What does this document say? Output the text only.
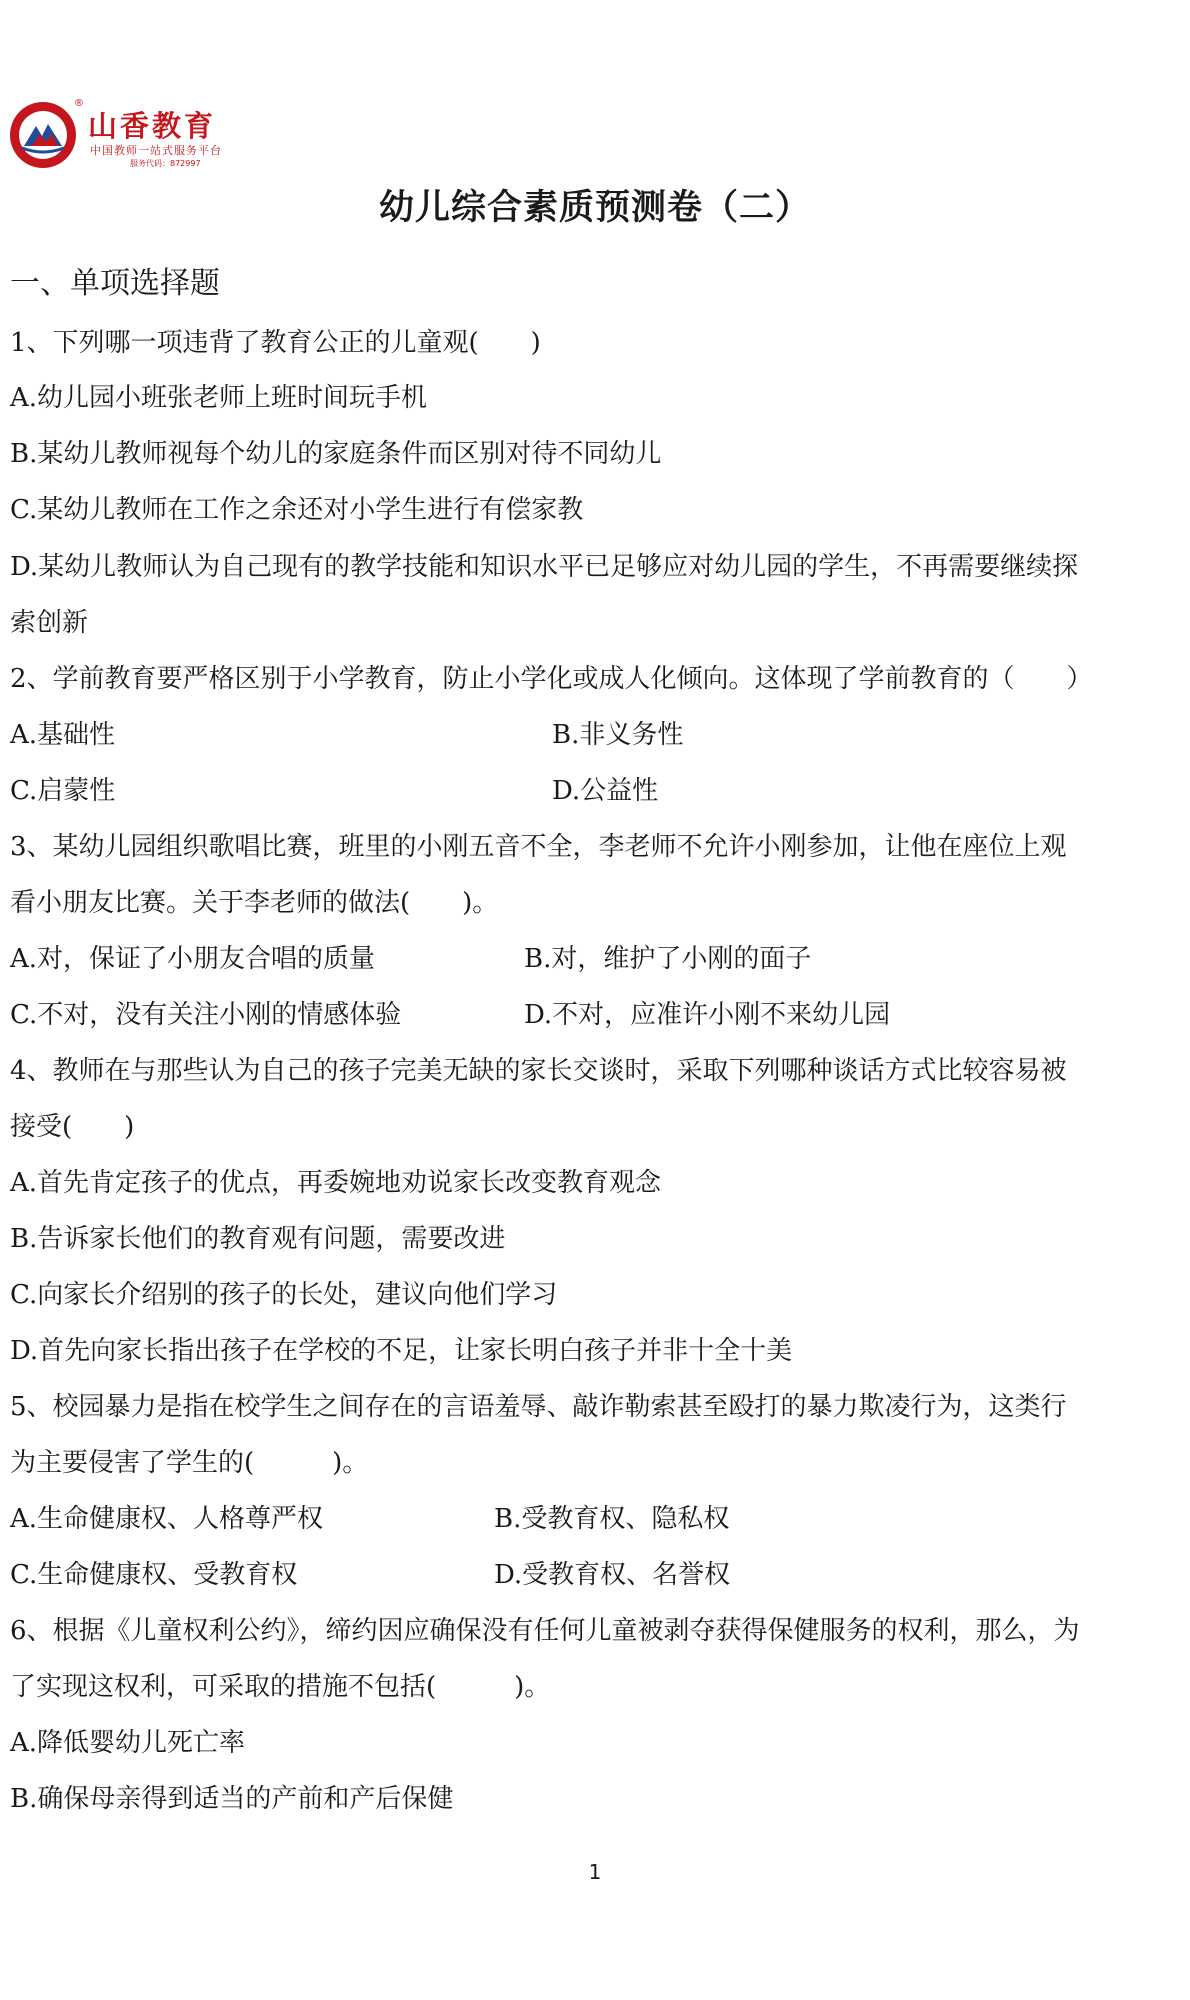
®
山香教育
中国教师一站式服务平台
服务代码：872997
幼儿综合素质预测卷（二）
一、单项选择题
1、下列哪一项违背了教育公正的儿童观(　　)
A.幼儿园小班张老师上班时间玩手机
B.某幼儿教师视每个幼儿的家庭条件而区别对待不同幼儿
C.某幼儿教师在工作之余还对小学生进行有偿家教
D.某幼儿教师认为自己现有的教学技能和知识水平已足够应对幼儿园的学生，不再需要继续探
索创新
2、学前教育要严格区别于小学教育，防止小学化或成人化倾向。这体现了学前教育的（　　）
A.基础性	B.非义务性
C.启蒙性	D.公益性
3、某幼儿园组织歌唱比赛，班里的小刚五音不全，李老师不允许小刚参加，让他在座位上观
看小朋友比赛。关于李老师的做法(　　)。
A.对，保证了小朋友合唱的质量	B.对，维护了小刚的面子
C.不对，没有关注小刚的情感体验	D.不对，应准许小刚不来幼儿园
4、教师在与那些认为自己的孩子完美无缺的家长交谈时，采取下列哪种谈话方式比较容易被
接受(　　)
A.首先肯定孩子的优点，再委婉地劝说家长改变教育观念
B.告诉家长他们的教育观有问题，需要改进
C.向家长介绍别的孩子的长处，建议向他们学习
D.首先向家长指出孩子在学校的不足，让家长明白孩子并非十全十美
5、校园暴力是指在校学生之间存在的言语羞辱、敲诈勒索甚至殴打的暴力欺凌行为，这类行
为主要侵害了学生的(　　　)。
A.生命健康权、人格尊严权	B.受教育权、隐私权
C.生命健康权、受教育权	D.受教育权、名誉权
6、根据《儿童权利公约》，缔约因应确保没有任何儿童被剥夺获得保健服务的权利，那么，为
了实现这权利，可采取的措施不包括(　　　)。
A.降低婴幼儿死亡率
B.确保母亲得到适当的产前和产后保健
1
